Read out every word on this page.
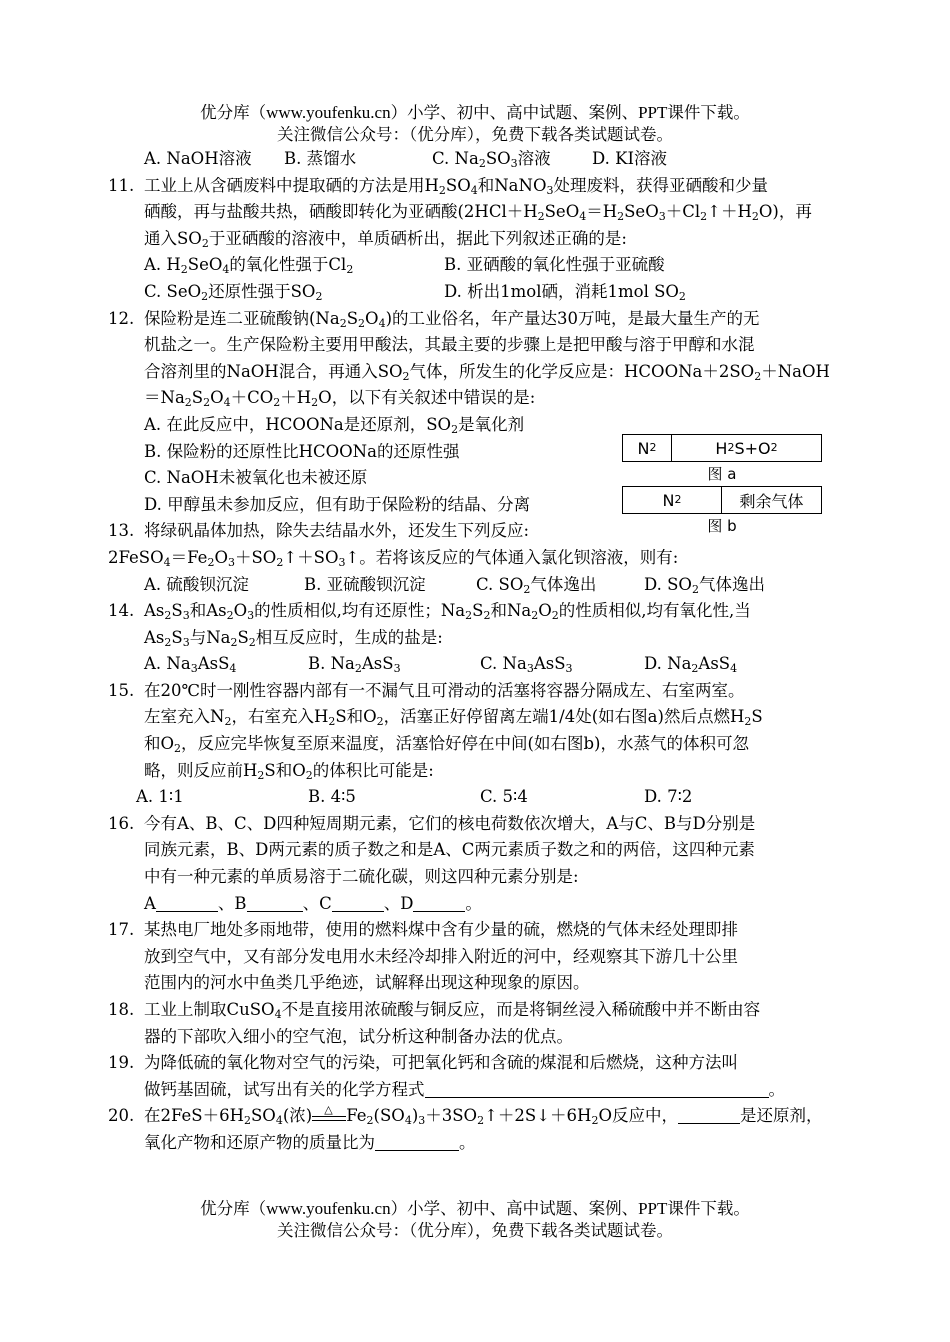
优分库（www.youfenku.cn）小学、初中、高中试题、案例、PPT课件下载。
关注微信公众号：（优分库），免费下载各类试题试卷。
A. NaOH溶液	B. 蒸馏水	C. $Na_2SO_3$溶液	D. KI溶液
11. 工业上从含硒废料中提取硒的方法是用$H_2SO_4$和NaNO$_3$处理废料，获得亚硒酸和少量
硒酸，再与盐酸共热，硒酸即转化为亚硒酸$(2HCl+H_2SeO_4=H_2SeO_3+Cl_2↑+H_2O)$，再
通入$SO_2$于亚硒酸的溶液中，单质硒析出，据此下列叙述正确的是:
A. $H_2SeO_4$的氧化性强于$Cl_2$	B. 亚硒酸的氧化性强于亚硫酸
C. SeO$_2$还原性强于$SO_2$	D. 析出1mol硒，消耗1mol $SO_2$
12. 保险粉是连二亚硫酸钠$(Na_2S_2O_4)$的工业俗名，年产量达30万吨，是最大量生产的无
机盐之一。生产保险粉主要用甲酸法，其最主要的步骤上是把甲酸与溶于甲醇和水混
合溶剂里的NaOH混合，再通入$SO_2$气体，所发生的化学反应是：$HCOONa+2SO_2+NaOH$
$=Na_2S_2O_4+CO_2+H_2O$，以下有关叙述中错误的是:
A. 在此反应中，HCOONa是还原剂，$SO_2$是氧化剂
B. 保险粉的还原性比HCOONa的还原性强
C. NaOH未被氧化也未被还原
D. 甲醇虽未参加反应，但有助于保险粉的结晶、分离
13. 将绿矾晶体加热，除失去结晶水外，还发生下列反应:
$2FeSO_4=Fe_2O_3+SO_2↑+SO_3↑$。若将该反应的气体通入氯化钡溶液，则有:
A. 硫酸钡沉淀	B. 亚硫酸钡沉淀	C. $SO_2$气体逸出	D. $SO_2$气体逸出
14. $As_2S_3$和$As_2O_3$的性质相似,均有还原性；$Na_2S_2$和$Na_2O_2$的性质相似,均有氧化性,当
$As_2S_3$与$Na_2S_2$相互反应时，生成的盐是:
A. $Na_3AsS_4$	B. $Na_2AsS_3$	C. $Na_3AsS_3$	D. $Na_2AsS_4$
15. 在20℃时一刚性容器内部有一不漏气且可滑动的活塞将容器分隔成左、右室两室。
左室充入$N_2$，右室充入$H_2S$和$O_2$，活塞正好停留离左端1/4处(如右图a)然后点燃$H_2S$
和$O_2$，反应完毕恢复至原来温度，活塞恰好停在中间(如右图b)，水蒸气的体积可忽
略，则反应前$H_2S$和$O_2$的体积比可能是:
A. 1∶1	B. 4∶5	C. 5∶4	D. 7∶2
16. 今有A、B、C、D四种短周期元素，它们的核电荷数依次增大，A与C、B与D分别是
同族元素，B、D两元素的质子数之和是A、C两元素质子数之和的两倍，这四种元素
中有一种元素的单质易溶于二硫化碳，则这四种元素分别是:
A	、B	、C	、D	。
17. 某热电厂地处多雨地带，使用的燃料煤中含有少量的硫，燃烧的气体未经处理即排
放到空气中，又有部分发电用水未经冷却排入附近的河中，经观察其下游几十公里
范围内的河水中鱼类几乎绝迹，试解释出现这种现象的原因。
18. 工业上制取CuSO$_4$不是直接用浓硫酸与铜反应，而是将铜丝浸入稀硫酸中并不断由容
器的下部吹入细小的空气泡，试分析这种制备办法的优点。
19. 为降低硫的氧化物对空气的污染，可把氧化钙和含硫的煤混和后燃烧，这种方法叫
做钙基固硫，试写出有关的化学方程式	。
20. 在$2FeS+6H_2SO_4$(浓) △ $Fe_2(SO_4)_3+3SO_2↑+2S↓+6H_2O$反应中，	是还原剂，
氧化产物和还原产物的质量比为	。
N 2	H 2 S+O 2
图 a
N 2	剩余气体
图 b
优分库（www.youfenku.cn）小学、初中、高中试题、案例、PPT课件下载。
关注微信公众号：（优分库），免费下载各类试题试卷。
